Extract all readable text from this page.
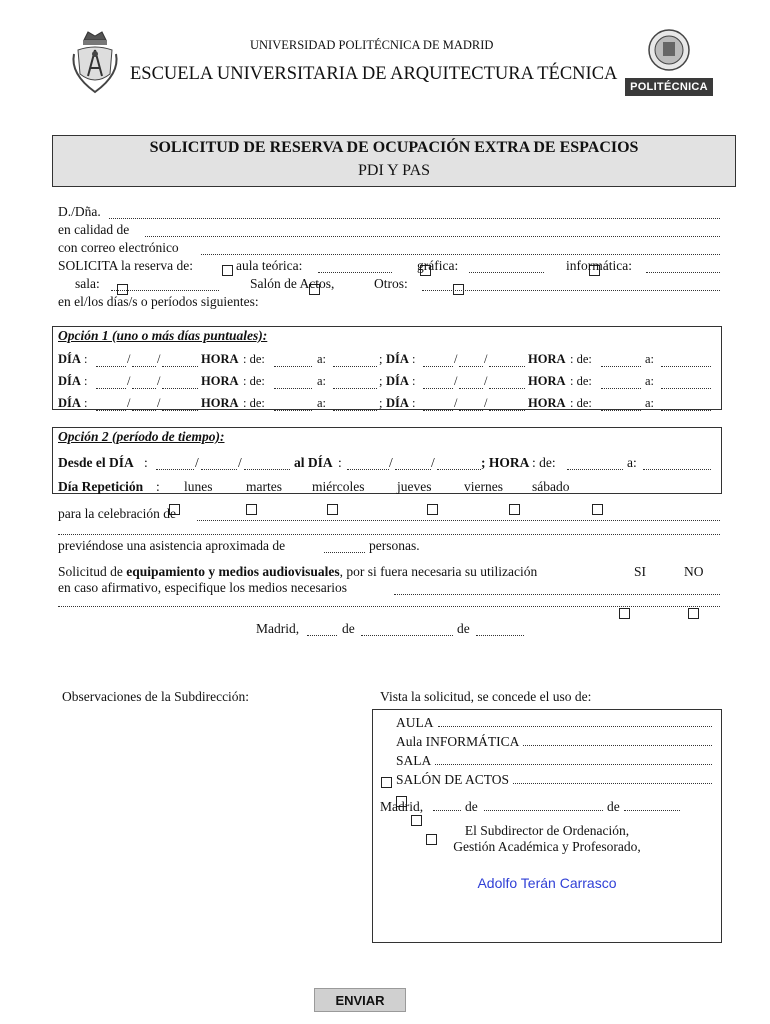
UNIVERSIDAD POLITÉCNICA DE MADRID
ESCUELA UNIVERSITARIA DE ARQUITECTURA TÉCNICA
POLITÉCNICA
SOLICITUD DE RESERVA DE OCUPACIÓN EXTRA DE ESPACIOS
PDI Y PAS
D./Dña.
en calidad de
con correo electrónico
SOLICITA la reserva de:
	aula teórica:
	gráfica:
	informática:

sala:
	Salón de Actos,	Otros:
en el/los días/s o períodos siguientes:
Opción 1 (uno o más días puntuales):
DÍA :	/ /	HORA : de:	a:	; DÍA :	/ /	HORA : de:	a:
DÍA :	/ /	HORA : de:	a:	; DÍA :	/ /	HORA : de:	a:
DÍA :	/ /	HORA : de:	a:	; DÍA :	/ /	HORA : de:	a:
Opción 2 (período de tiempo):
Desde el DÍA :	/	/	al DÍA :	/	/	; HORA : de:	a:
Día Repetición : lunes martes miércoles jueves viernes sábado
para la celebración de
previéndose una asistencia aproximada de	personas.
Solicitud de equipamiento y medios audiovisuales, por si fuera necesaria su utilización
	SI	NO
en caso afirmativo, especifique los medios necesarios
Madrid,	de	de
Observaciones de la Subdirección:	Vista la solicitud, se concede el uso de:
AULA
Aula INFORMÁTICA
SALA
SALÓN DE ACTOS
Madrid,	de	de
El Subdirector de Ordenación,
Gestión Académica y Profesorado,
Adolfo Terán Carrasco
ENVIAR
